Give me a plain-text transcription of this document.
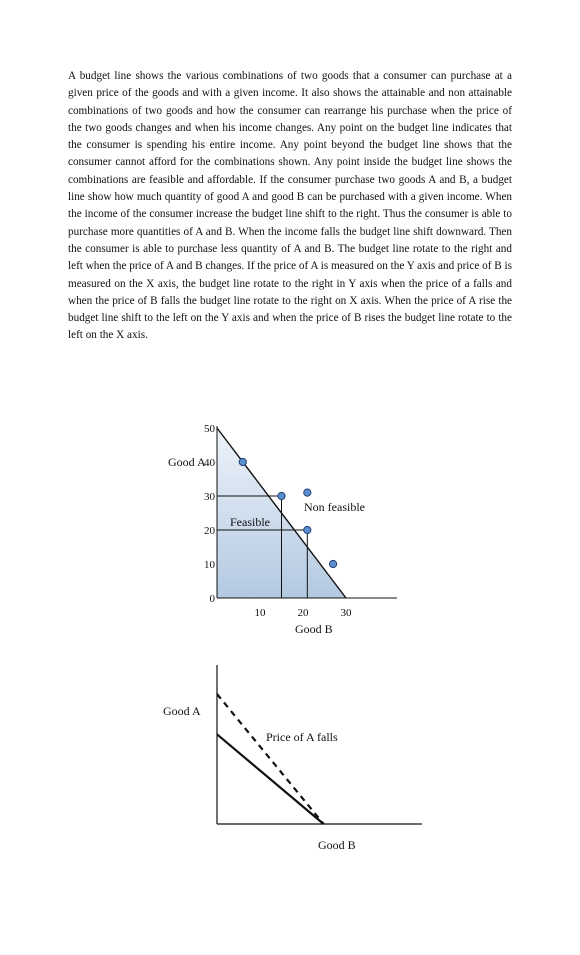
A budget line shows the various combinations of two goods that a consumer can purchase at a given price of the goods and with a given income. It also shows the attainable and non attainable combinations of two goods and how the consumer can rearrange his purchase when the price of the two goods changes and when his income changes. Any point on the budget line indicates that the consumer is spending his entire income. Any point beyond the budget line shows that the consumer cannot afford for the combinations shown. Any point inside the budget line shows the combinations are feasible and affordable. If the consumer purchase two goods A and B, a budget line show how much quantity of good A and good B can be purchased with a given income. When the income of the consumer increase the budget line shift to the right. Thus the consumer is able to purchase more quantities of A and B. When the income falls the budget line shift downward. Then the consumer is able to purchase less quantity of A and B. The budget line rotate to the right and left when the price of A and B changes. If the price of A is measured on the Y axis and price of B is measured on the X axis, the budget line rotate to the right in Y axis when the price of a falls and when the price of B falls the budget line rotate to the right on X axis. When the price of A rise the budget line shift to the left on the Y axis and when the price of B rises the budget line rotate to the left on the X axis.

0
10
20
30
40
50
10	20	30
Good A
Good B
Feasible
Non feasible
Good A
Price of A falls
Good B
